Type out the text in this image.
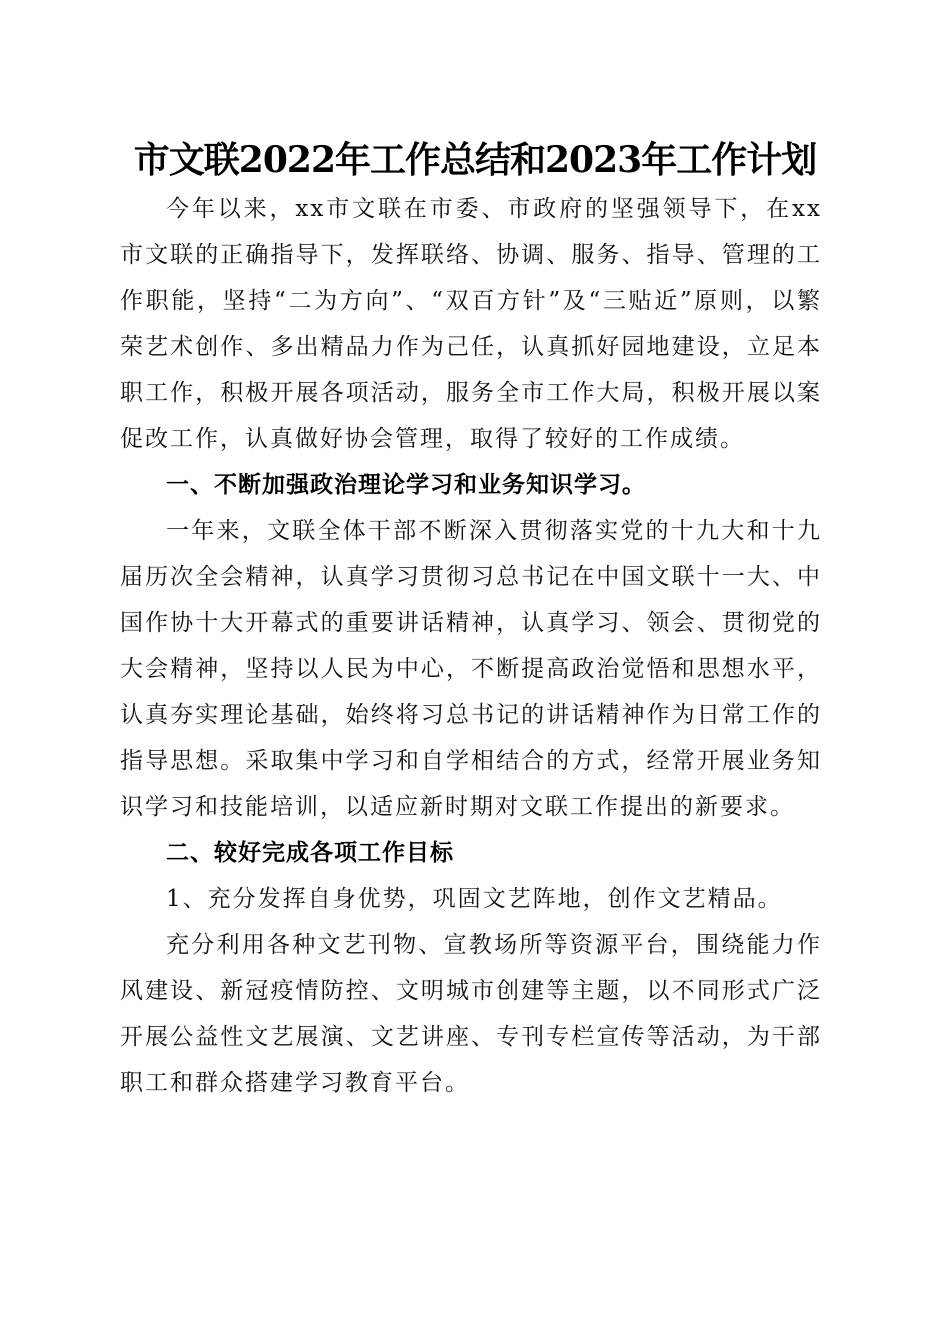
市文联2022年工作总结和2023年工作计划

今年以来，xx市文联在市委、市政府的坚强领导下，在xx市文联的正确指导下，发挥联络、协调、服务、指导、管理的工作职能，坚持“二为方向”、“双百方针”及“三贴近”原则，以繁荣艺术创作、多出精品力作为己任，认真抓好园地建设，立足本职工作，积极开展各项活动，服务全市工作大局，积极开展以案促改工作，认真做好协会管理，取得了较好的工作成绩。

一、不断加强政治理论学习和业务知识学习。

一年来，文联全体干部不断深入贯彻落实党的十九大和十九届历次全会精神，认真学习贯彻习总书记在中国文联十一大、中国作协十大开幕式的重要讲话精神，认真学习、领会、贯彻党的大会精神，坚持以人民为中心，不断提高政治觉悟和思想水平，认真夯实理论基础，始终将习总书记的讲话精神作为日常工作的指导思想。采取集中学习和自学相结合的方式，经常开展业务知识学习和技能培训，以适应新时期对文联工作提出的新要求。

二、较好完成各项工作目标

1、充分发挥自身优势，巩固文艺阵地，创作文艺精品。

充分利用各种文艺刊物、宣教场所等资源平台，围绕能力作风建设、新冠疫情防控、文明城市创建等主题，以不同形式广泛开展公益性文艺展演、文艺讲座、专刊专栏宣传等活动，为干部职工和群众搭建学习教育平台。
